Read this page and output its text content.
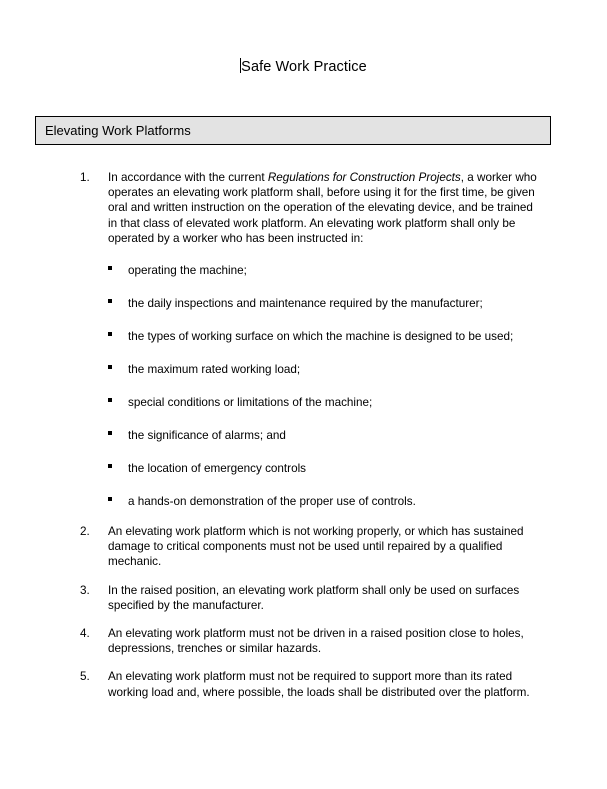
Safe Work Practice
Elevating Work Platforms
1.	In accordance with the current Regulations for Construction Projects, a worker who operates an elevating work platform shall, before using it for the first time, be given oral and written instruction on the operation of the elevating device, and be trained in that class of elevated work platform. An elevating work platform shall only be operated by a worker who has been instructed in:
operating the machine;
the daily inspections and maintenance required by the manufacturer;
the types of working surface on which the machine is designed to be used;
the maximum rated working load;
special conditions or limitations of the machine;
the significance of alarms; and
the location of emergency controls
a hands-on demonstration of the proper use of controls.
2.	An elevating work platform which is not working properly, or which has sustained damage to critical components must not be used until repaired by a qualified mechanic.
3.	In the raised position, an elevating work platform shall only be used on surfaces specified by the manufacturer.
4.	An elevating work platform must not be driven in a raised position close to holes, depressions, trenches or similar hazards.
5.	An elevating work platform must not be required to support more than its rated working load and, where possible, the loads shall be distributed over the platform.
